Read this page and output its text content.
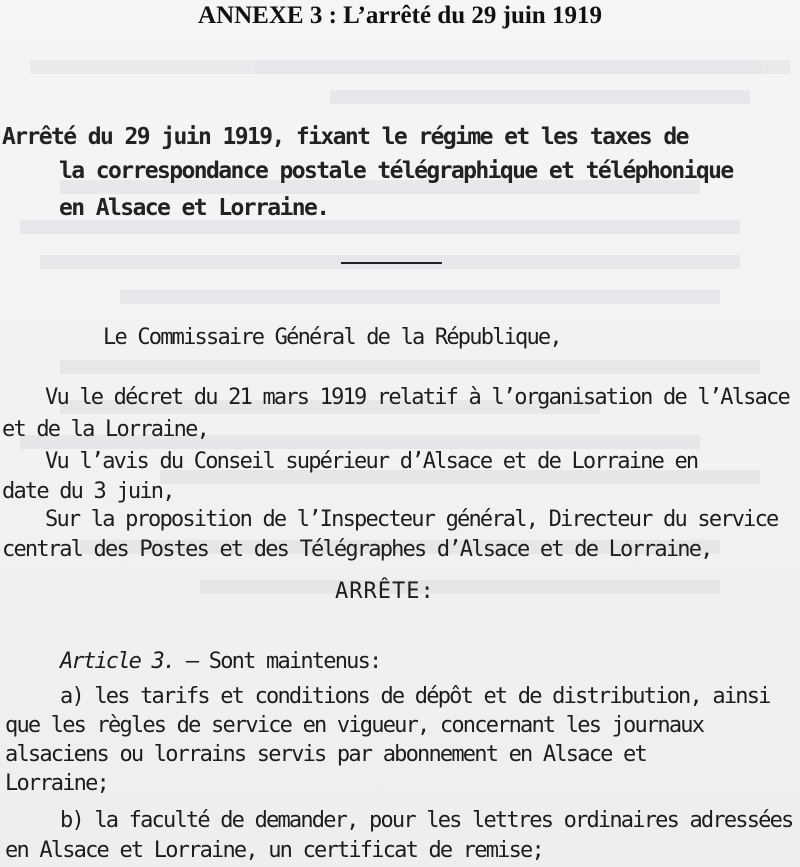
ANNEXE 3 : L’arrêté du 29 juin 1919

Arrêté du 29 juin 1919, fixant le régime et les taxes de

la correspondance postale télégraphique et téléphonique

en Alsace et Lorraine.

Le Commissaire Général de la République,

Vu le décret du 21 mars 1919 relatif à l’organisation de l’Alsace

et de la Lorraine,

Vu l’avis du Conseil supérieur d’Alsace et de Lorraine en

date du 3 juin,

Sur la proposition de l’Inspecteur général, Directeur du service

central des Postes et des Télégraphes d’Alsace et de Lorraine,

ARRÊTE:

Article 3. — Sont maintenus:

a) les tarifs et conditions de dépôt et de distribution, ainsi

que les règles de service en vigueur, concernant les journaux

alsaciens ou lorrains servis par abonnement en Alsace et

Lorraine;

b) la faculté de demander, pour les lettres ordinaires adressées

en Alsace et Lorraine, un certificat de remise;
